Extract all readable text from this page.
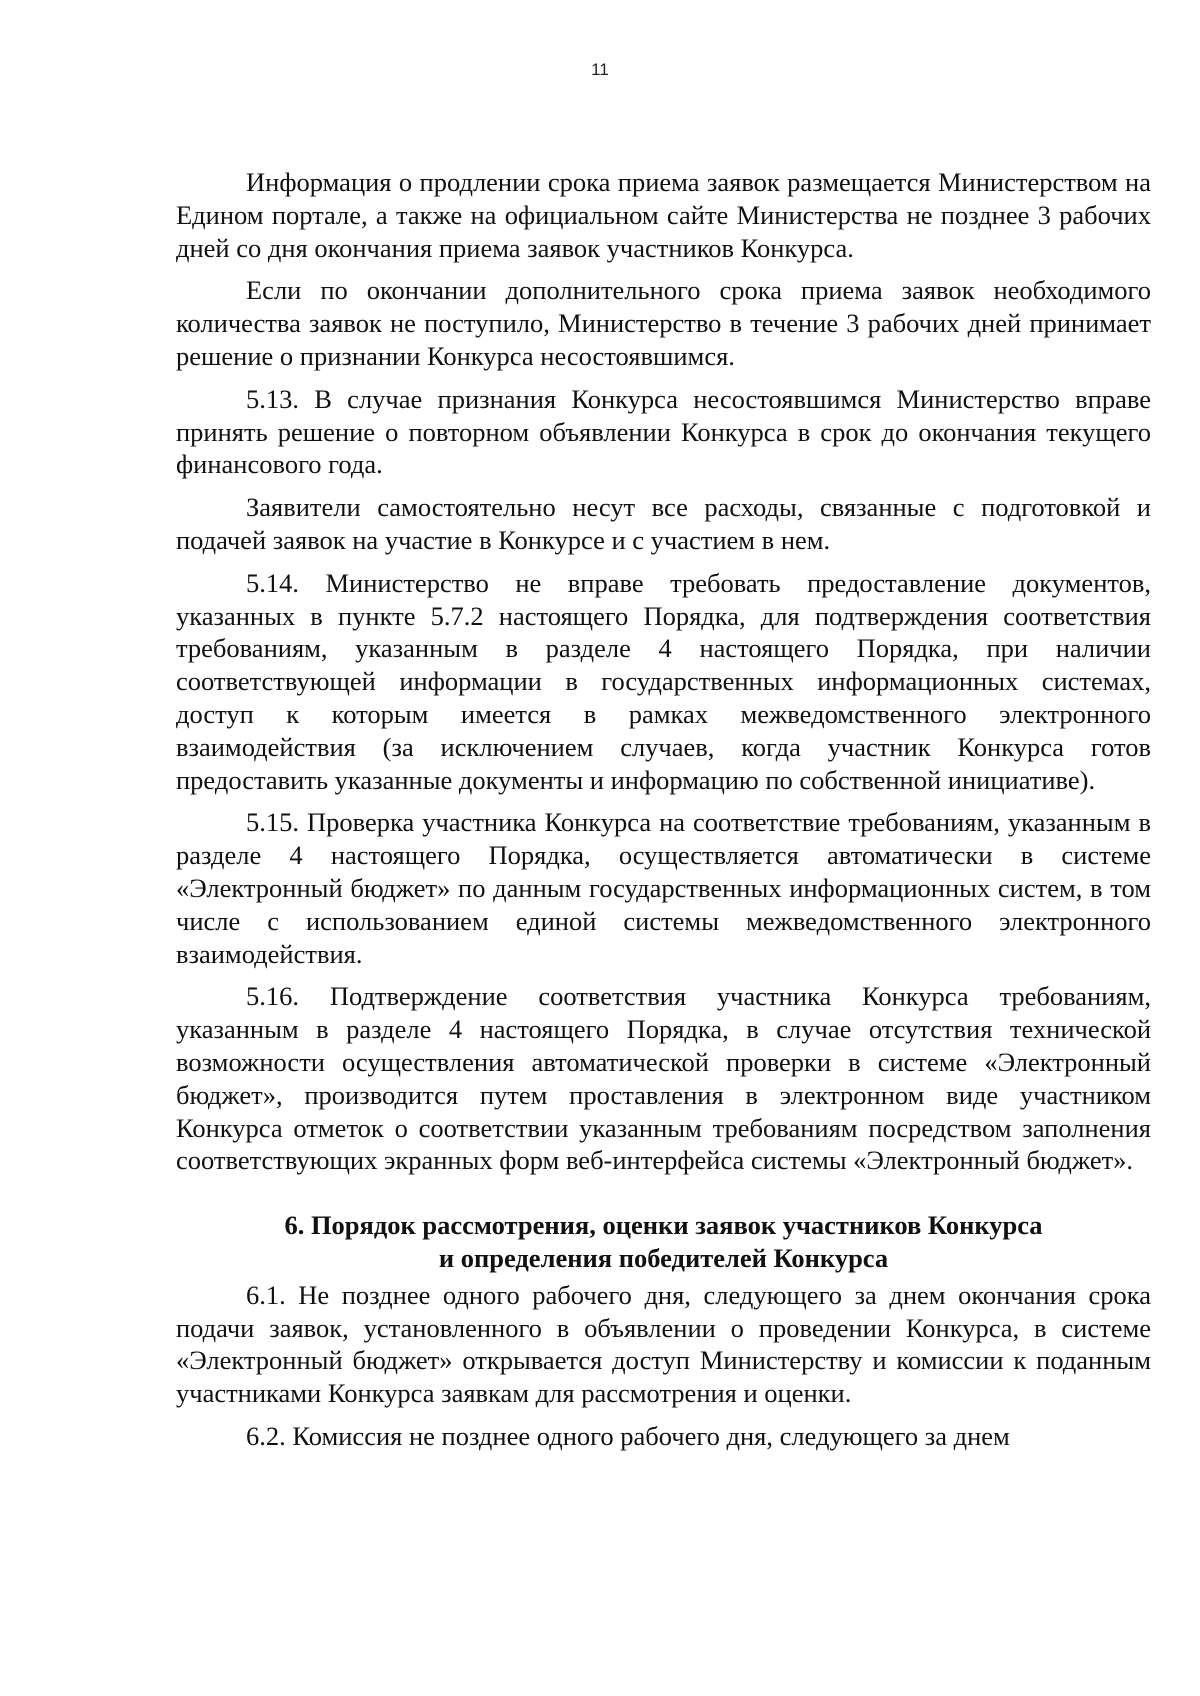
11

Информация о продлении срока приема заявок размещается Министерством на Едином портале, а также на официальном сайте Министерства не позднее 3 рабочих дней со дня окончания приема заявок участников Конкурса.

Если по окончании дополнительного срока приема заявок необходимого количества заявок не поступило, Министерство в течение 3 рабочих дней принимает решение о признании Конкурса несостоявшимся.

5.13. В случае признания Конкурса несостоявшимся Министерство вправе принять решение о повторном объявлении Конкурса в срок до окончания текущего финансового года.

Заявители самостоятельно несут все расходы, связанные с подготовкой и подачей заявок на участие в Конкурсе и с участием в нем.

5.14. Министерство не вправе требовать предоставление документов, указанных в пункте 5.7.2 настоящего Порядка, для подтверждения соответствия требованиям, указанным в разделе 4 настоящего Порядка, при наличии соответствующей информации в государственных информационных системах, доступ к которым имеется в рамках межведомственного электронного взаимодействия (за исключением случаев, когда участник Конкурса готов предоставить указанные документы и информацию по собственной инициативе).

5.15. Проверка участника Конкурса на соответствие требованиям, указанным в разделе 4 настоящего Порядка, осуществляется автоматически в системе «Электронный бюджет» по данным государственных информационных систем, в том числе с использованием единой системы межведомственного электронного взаимодействия.

5.16. Подтверждение соответствия участника Конкурса требованиям, указанным в разделе 4 настоящего Порядка, в случае отсутствия технической возможности осуществления автоматической проверки в системе «Электронный бюджет», производится путем проставления в электронном виде участником Конкурса отметок о соответствии указанным требованиям посредством заполнения соответствующих экранных форм веб-интерфейса системы «Электронный бюджет».

6. Порядок рассмотрения, оценки заявок участников Конкурса
и определения победителей Конкурса

6.1. Не позднее одного рабочего дня, следующего за днем окончания срока подачи заявок, установленного в объявлении о проведении Конкурса, в системе «Электронный бюджет» открывается доступ Министерству и комиссии к поданным участниками Конкурса заявкам для рассмотрения и оценки.

6.2. Комиссия не позднее одного рабочего дня, следующего за днем
